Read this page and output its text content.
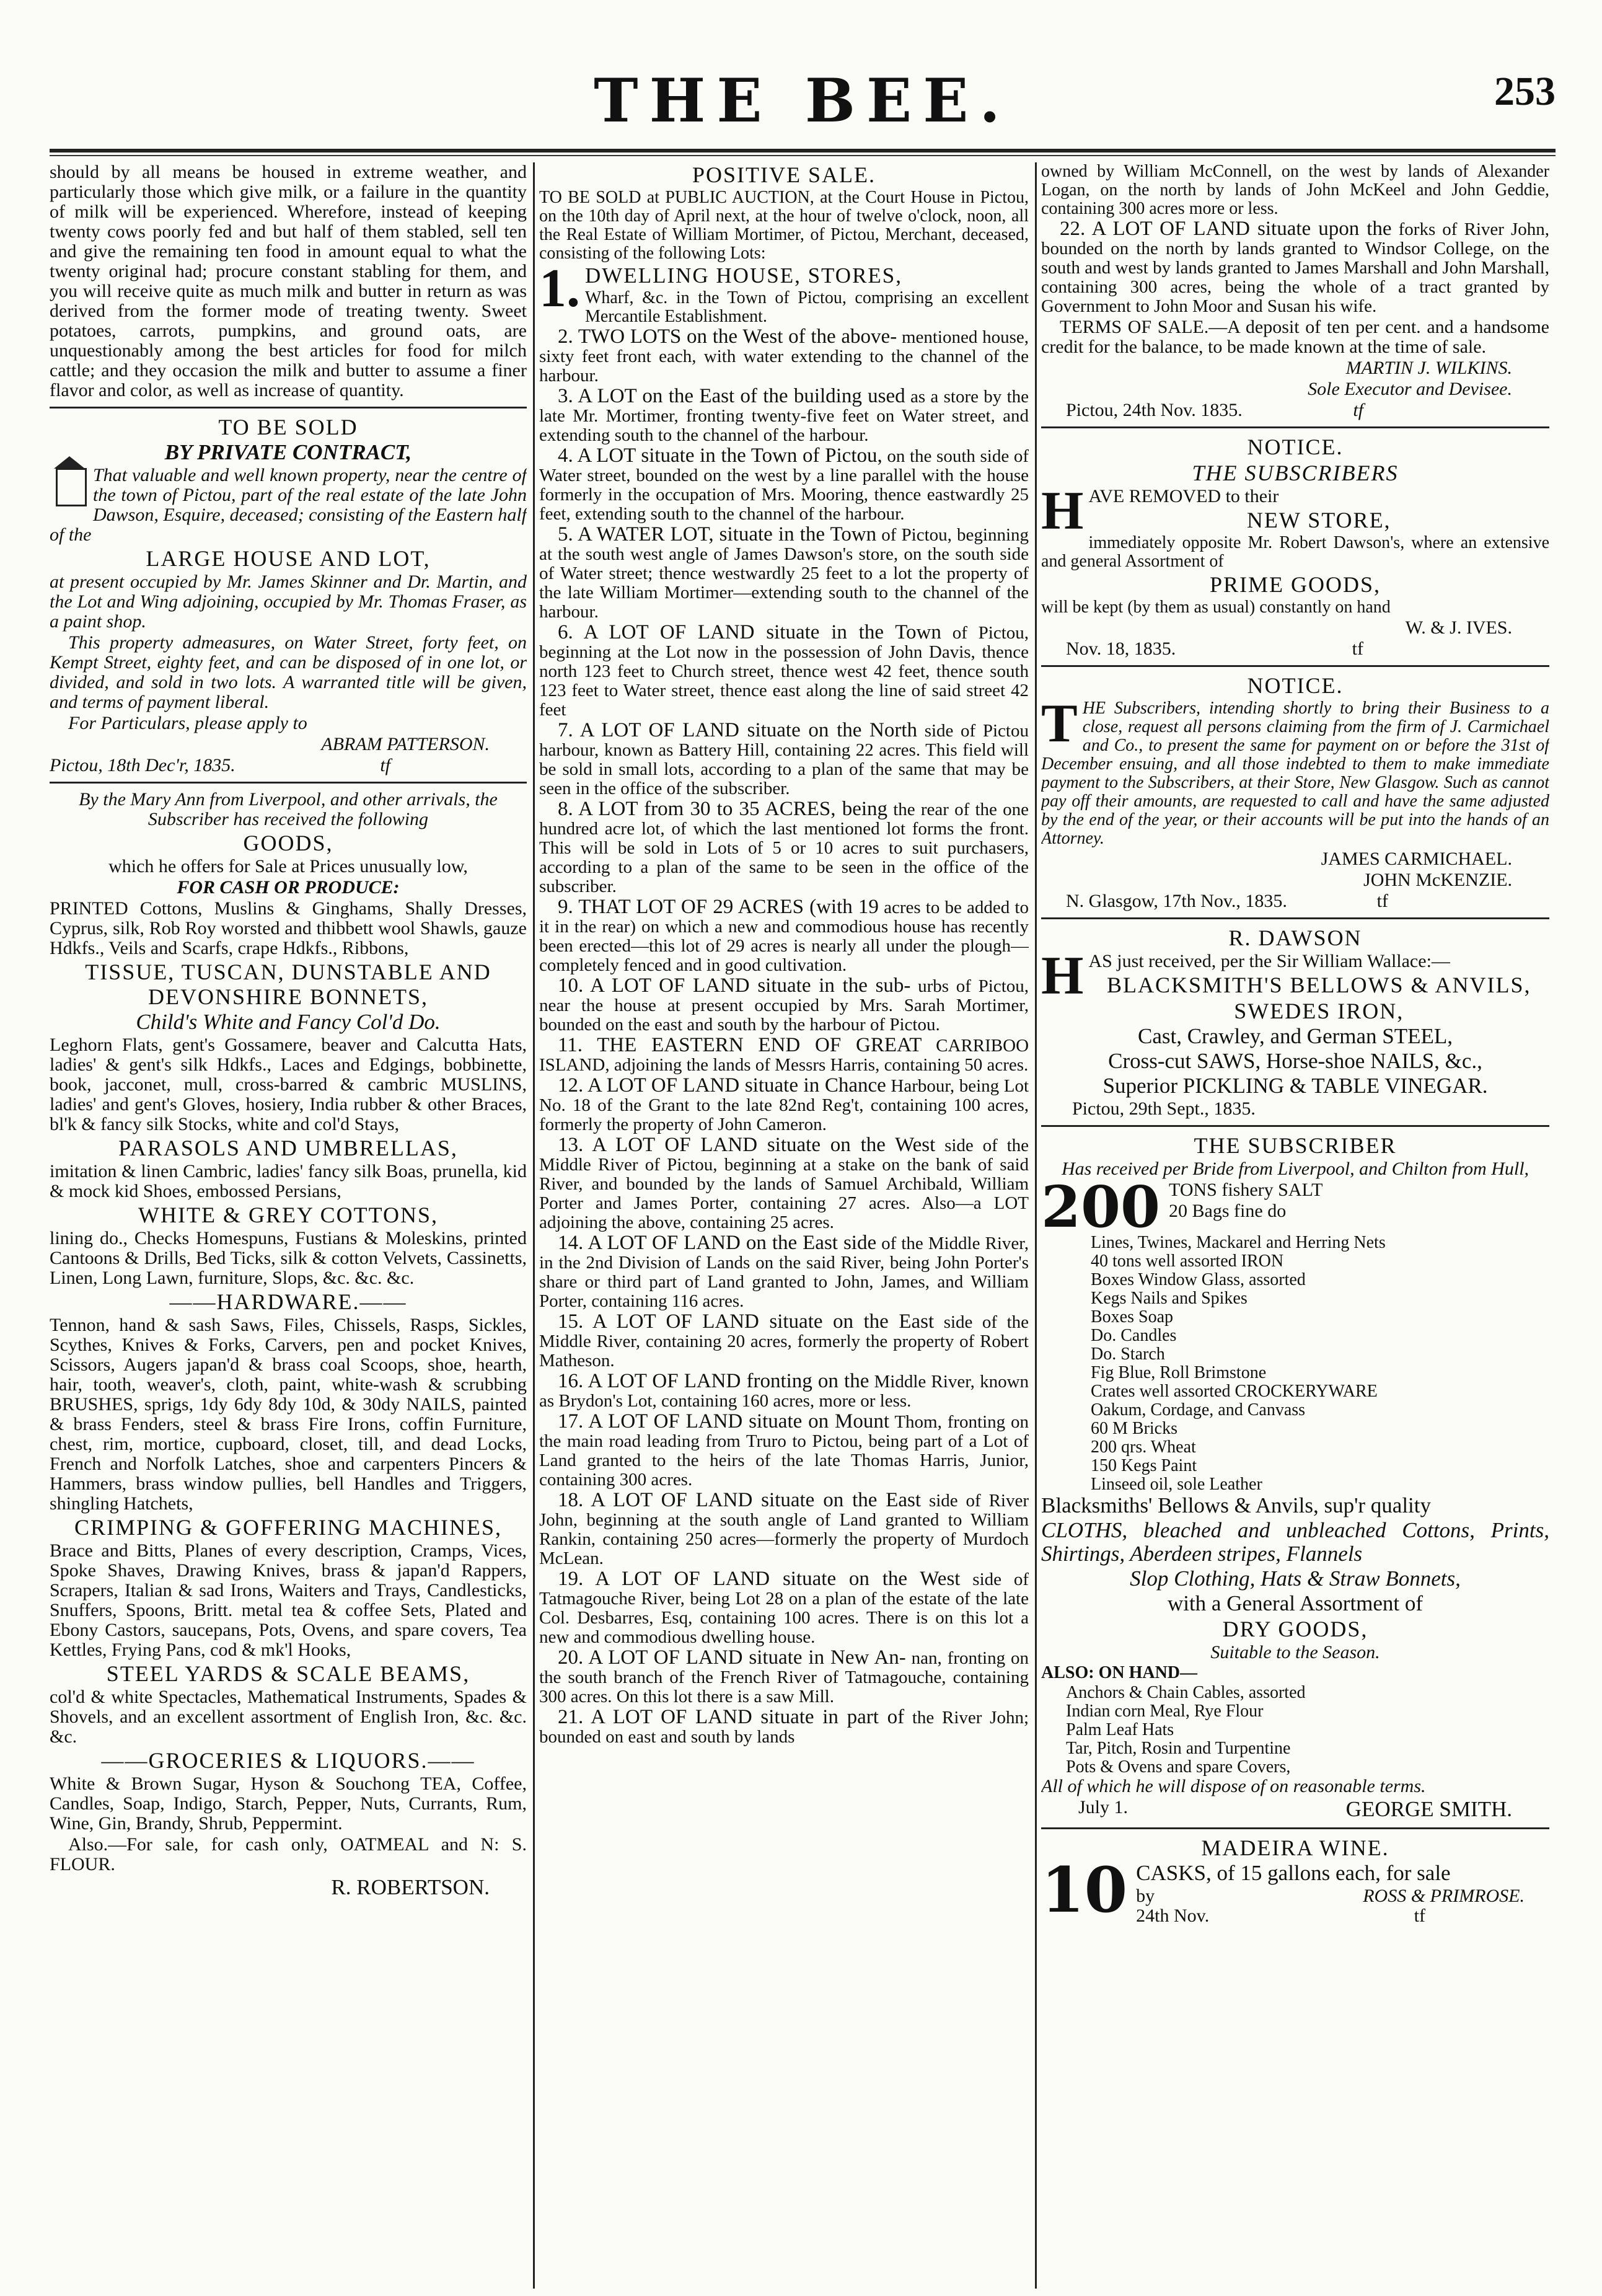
THE BEE.	253

should by all means be housed in extreme weather, and particularly those which give milk, or a failure in the quantity of milk will be experienced. Wherefore, instead of keeping twenty cows poorly fed and but half of them stabled, sell ten and give the remaining ten food in amount equal to what the twenty original had; procure constant stabling for them, and you will receive quite as much milk and butter in return as was derived from the former mode of treating twenty. Sweet potatoes, carrots, pumpkins, and ground oats, are unquestionably among the best articles for food for milch cattle; and they occasion the milk and butter to assume a finer flavor and color, as well as increase of quantity.

TO BE SOLD

BY PRIVATE CONTRACT,

That valuable and well known property, near the centre of the town of Pictou, part of the real estate of the late John Dawson, Esquire, deceased; consisting of the Eastern half of the

LARGE HOUSE AND LOT,

at present occupied by Mr. James Skinner and Dr. Martin, and the Lot and Wing adjoining, occupied by Mr. Thomas Fraser, as a paint shop.

This property admeasures, on Water Street, forty feet, on Kempt Street, eighty feet, and can be disposed of in one lot, or divided, and sold in two lots. A warranted title will be given, and terms of payment liberal.

For Particulars, please apply to

ABRAM PATTERSON.

Pictou, 18th Dec'r, 1835.	tf

By the Mary Ann from Liverpool, and other arrivals, the Subscriber has received the following

GOODS,

which he offers for Sale at Prices unusually low,

FOR CASH OR PRODUCE:

PRINTED Cottons, Muslins & Ginghams, Shally Dresses, Cyprus, silk, Rob Roy worsted and thibbett wool Shawls, gauze Hdkfs., Veils and Scarfs, crape Hdkfs., Ribbons,

TISSUE, TUSCAN, DUNSTABLE AND DEVONSHIRE BONNETS,

Child's White and Fancy Col'd Do.

Leghorn Flats, gent's Gossamere, beaver and Calcutta Hats, ladies' & gent's silk Hdkfs., Laces and Edgings, bobbinette, book, jacconet, mull, cross-barred & cambric MUSLINS, ladies' and gent's Gloves, hosiery, India rubber & other Braces, bl'k & fancy silk Stocks, white and col'd Stays,

PARASOLS AND UMBRELLAS,

imitation & linen Cambric, ladies' fancy silk Boas, prunella, kid & mock kid Shoes, embossed Persians,

WHITE & GREY COTTONS,

lining do., Checks Homespuns, Fustians & Moleskins, printed Cantoons & Drills, Bed Ticks, silk & cotton Velvets, Cassinetts, Linen, Long Lawn, furniture, Slops, &c. &c. &c.

——HARDWARE.——

Tennon, hand & sash Saws, Files, Chissels, Rasps, Sickles, Scythes, Knives & Forks, Carvers, pen and pocket Knives, Scissors, Augers japan'd & brass coal Scoops, shoe, hearth, hair, tooth, weaver's, cloth, paint, white-wash & scrubbing BRUSHES, sprigs, 1dy 6dy 8dy 10d, & 30dy NAILS, painted & brass Fenders, steel & brass Fire Irons, coffin Furniture, chest, rim, mortice, cupboard, closet, till, and dead Locks, French and Norfolk Latches, shoe and carpenters Pincers & Hammers, brass window pullies, bell Handles and Triggers, shingling Hatchets,

CRIMPING & GOFFERING MACHINES,

Brace and Bitts, Planes of every description, Cramps, Vices, Spoke Shaves, Drawing Knives, brass & japan'd Rappers, Scrapers, Italian & sad Irons, Waiters and Trays, Candlesticks, Snuffers, Spoons, Britt. metal tea & coffee Sets, Plated and Ebony Castors, saucepans, Pots, Ovens, and spare covers, Tea Kettles, Frying Pans, cod & mk'l Hooks,

STEEL YARDS & SCALE BEAMS,

col'd & white Spectacles, Mathematical Instruments, Spades & Shovels, and an excellent assortment of English Iron, &c. &c. &c.

——GROCERIES & LIQUORS.——

White & Brown Sugar, Hyson & Souchong TEA, Coffee, Candles, Soap, Indigo, Starch, Pepper, Nuts, Currants, Rum, Wine, Gin, Brandy, Shrub, Peppermint.

Also.—For sale, for cash only, OATMEAL and N: S. FLOUR.

R. ROBERTSON.

POSITIVE SALE.

TO BE SOLD at PUBLIC AUCTION, at the Court House in Pictou, on the 10th day of April next, at the hour of twelve o'clock, noon, all the Real Estate of William Mortimer, of Pictou, Merchant, deceased, consisting of the following Lots:

1. DWELLING HOUSE, STORES,

Wharf, &c. in the Town of Pictou, comprising an excellent Mercantile Establishment.

2. TWO LOTS on the West of the above- mentioned house, sixty feet front each, with water extending to the channel of the harbour.

3. A LOT on the East of the building used as a store by the late Mr. Mortimer, fronting twenty-five feet on Water street, and extending south to the channel of the harbour.

4. A LOT situate in the Town of Pictou, on the south side of Water street, bounded on the west by a line parallel with the house formerly in the occupation of Mrs. Mooring, thence eastwardly 25 feet, extending south to the channel of the harbour.

5. A WATER LOT, situate in the Town of Pictou, beginning at the south west angle of James Dawson's store, on the south side of Water street; thence westwardly 25 feet to a lot the property of the late William Mortimer—extending south to the channel of the harbour.

6. A LOT OF LAND situate in the Town of Pictou, beginning at the Lot now in the possession of John Davis, thence north 123 feet to Church street, thence west 42 feet, thence south 123 feet to Water street, thence east along the line of said street 42 feet

7. A LOT OF LAND situate on the North side of Pictou harbour, known as Battery Hill, containing 22 acres. This field will be sold in small lots, according to a plan of the same that may be seen in the office of the subscriber.

8. A LOT from 30 to 35 ACRES, being the rear of the one hundred acre lot, of which the last mentioned lot forms the front. This will be sold in Lots of 5 or 10 acres to suit purchasers, according to a plan of the same to be seen in the office of the subscriber.

9. THAT LOT OF 29 ACRES (with 19 acres to be added to it in the rear) on which a new and commodious house has recently been erected—this lot of 29 acres is nearly all under the plough—completely fenced and in good cultivation.

10. A LOT OF LAND situate in the sub- urbs of Pictou, near the house at present occupied by Mrs. Sarah Mortimer, bounded on the east and south by the harbour of Pictou.

11. THE EASTERN END OF GREAT CARRIBOO ISLAND, adjoining the lands of Messrs Harris, containing 50 acres.

12. A LOT OF LAND situate in Chance Harbour, being Lot No. 18 of the Grant to the late 82nd Reg't, containing 100 acres, formerly the property of John Cameron.

13. A LOT OF LAND situate on the West side of the Middle River of Pictou, beginning at a stake on the bank of said River, and bounded by the lands of Samuel Archibald, William Porter and James Porter, containing 27 acres. Also—a LOT adjoining the above, containing 25 acres.

14. A LOT OF LAND on the East side of the Middle River, in the 2nd Division of Lands on the said River, being John Porter's share or third part of Land granted to John, James, and William Porter, containing 116 acres.

15. A LOT OF LAND situate on the East side of the Middle River, containing 20 acres, formerly the property of Robert Matheson.

16. A LOT OF LAND fronting on the Middle River, known as Brydon's Lot, containing 160 acres, more or less.

17. A LOT OF LAND situate on Mount Thom, fronting on the main road leading from Truro to Pictou, being part of a Lot of Land granted to the heirs of the late Thomas Harris, Junior, containing 300 acres.

18. A LOT OF LAND situate on the East side of River John, beginning at the south angle of Land granted to William Rankin, containing 250 acres—formerly the property of Murdoch McLean.

19. A LOT OF LAND situate on the West side of Tatmagouche River, being Lot 28 on a plan of the estate of the late Col. Desbarres, Esq, containing 100 acres. There is on this lot a new and commodious dwelling house.

20. A LOT OF LAND situate in New An- nan, fronting on the south branch of the French River of Tatmagouche, containing 300 acres. On this lot there is a saw Mill.

21. A LOT OF LAND situate in part of the River John; bounded on east and south by lands

owned by William McConnell, on the west by lands of Alexander Logan, on the north by lands of John McKeel and John Geddie, containing 300 acres more or less.

22. A LOT OF LAND situate upon the forks of River John, bounded on the north by lands granted to Windsor College, on the south and west by lands granted to James Marshall and John Marshall, containing 300 acres, being the whole of a tract granted by Government to John Moor and Susan his wife.

TERMS OF SALE.—A deposit of ten per cent. and a handsome credit for the balance, to be made known at the time of sale.

MARTIN J. WILKINS.

Sole Executor and Devisee.

Pictou, 24th Nov. 1835.	tf

NOTICE.

THE SUBSCRIBERS

H AVE REMOVED to their

NEW STORE,

immediately opposite Mr. Robert Dawson's, where an extensive and general Assortment of

PRIME GOODS,

will be kept (by them as usual) constantly on hand

W. & J. IVES.

Nov. 18, 1835.	tf

NOTICE.

T HE Subscribers, intending shortly to bring their Business to a close, request all persons claiming from the firm of J. Carmichael and Co., to present the same for payment on or before the 31st of December ensuing, and all those indebted to them to make immediate payment to the Subscribers, at their Store, New Glasgow. Such as cannot pay off their amounts, are requested to call and have the same adjusted by the end of the year, or their accounts will be put into the hands of an Attorney.

JAMES CARMICHAEL.

JOHN McKENZIE.

N. Glasgow, 17th Nov., 1835.	tf

R. DAWSON

H AS just received, per the Sir William Wallace:—

BLACKSMITH'S BELLOWS & ANVILS,

SWEDES IRON,

Cast, Crawley, and German STEEL,

Cross-cut SAWS, Horse-shoe NAILS, &c.,

Superior PICKLING & TABLE VINEGAR.

Pictou, 29th Sept., 1835.

THE SUBSCRIBER

Has received per Bride from Liverpool, and Chilton from Hull,

200 TONS fishery SALT

20 Bags fine do

Lines, Twines, Mackarel and Herring Nets
40 tons well assorted IRON
Boxes Window Glass, assorted
Kegs Nails and Spikes
Boxes Soap
Do. Candles
Do. Starch
Fig Blue, Roll Brimstone
Crates well assorted CROCKERYWARE
Oakum, Cordage, and Canvass
60 M Bricks
200 qrs. Wheat
150 Kegs Paint
Linseed oil, sole Leather

Blacksmiths' Bellows & Anvils, sup'r quality

CLOTHS, bleached and unbleached Cottons, Prints, Shirtings, Aberdeen stripes, Flannels

Slop Clothing, Hats & Straw Bonnets,

with a General Assortment of

DRY GOODS,

Suitable to the Season.

ALSO: ON HAND—

Anchors & Chain Cables, assorted
Indian corn Meal, Rye Flour
Palm Leaf Hats
Tar, Pitch, Rosin and Turpentine
Pots & Ovens and spare Covers,

All of which he will dispose of on reasonable terms.

July 1.	GEORGE SMITH.

MADEIRA WINE.

10 CASKS, of 15 gallons each, for sale

by	ROSS & PRIMROSE.
24th Nov.	tf
